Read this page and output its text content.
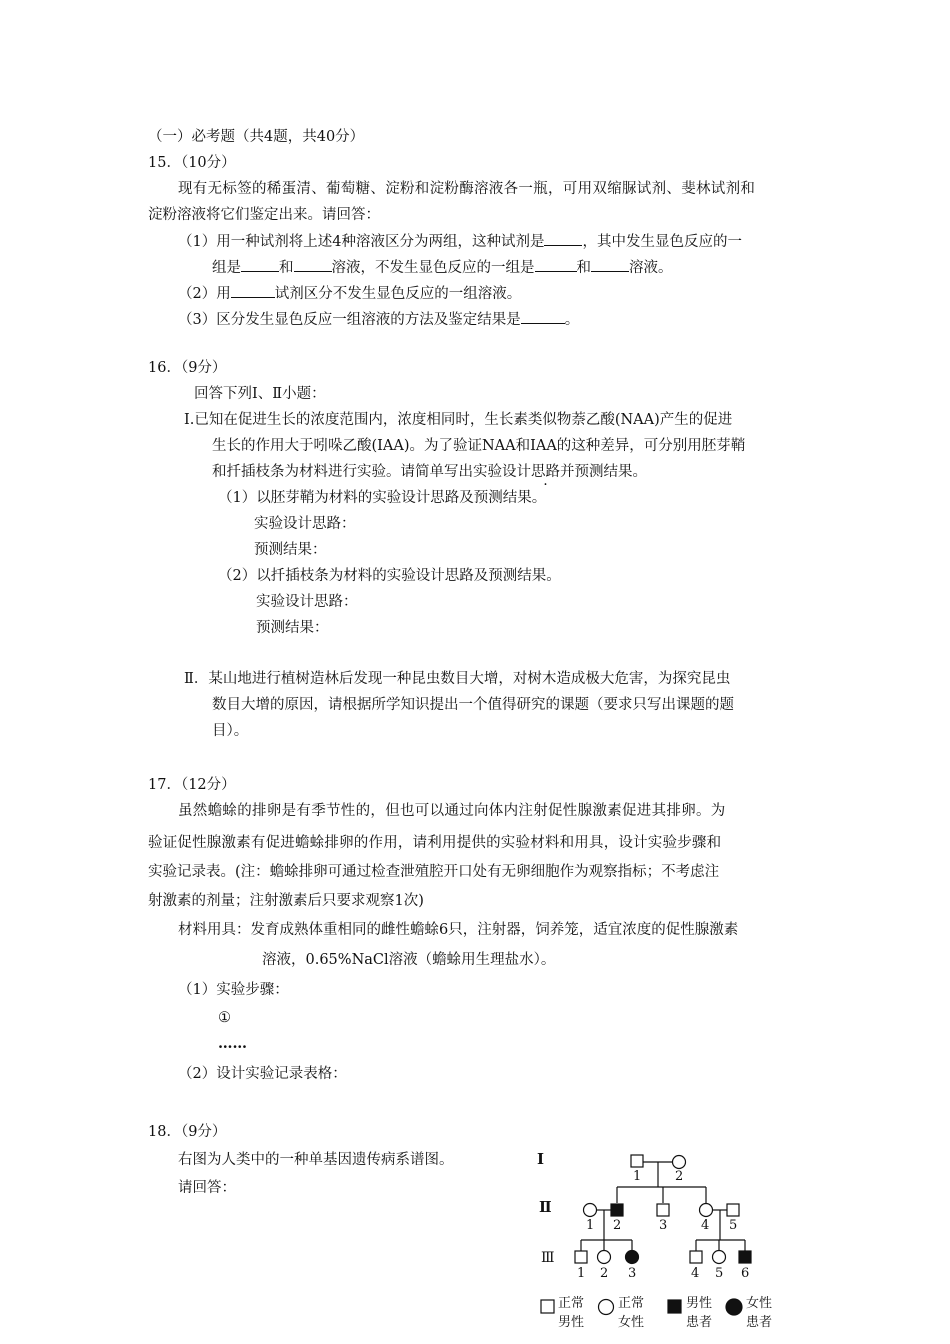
（一）必考题（共4题，共40分）
15．（10分）
现有无标签的稀蛋清、葡萄糖、淀粉和淀粉酶溶液各一瓶，可用双缩脲试剂、斐林试剂和
淀粉溶液将它们鉴定出来。请回答：
（1）用一种试剂将上述4种溶液区分为两组，这种试剂是	，其中发生显色反应的一
组是	和	溶液，不发生显色反应的一组是	和	溶液。
（2）用	试剂区分不发生显色反应的一组溶液。
（3）区分发生显色反应一组溶液的方法及鉴定结果是	。
16．（9分）
回答下列Ⅰ、Ⅱ小题：
Ⅰ.已知在促进生长的浓度范围内，浓度相同时，生长素类似物萘乙酸(NAA)产生的促进
生长的作用大于吲哚乙酸(IAA)。为了验证NAA和IAA的这种差异，可分别用胚芽鞘
和扦插枝条为材料进行实验。请简单写出实验设计思路并预测结果。
（1）以胚芽鞘为材料的实验设计思路及预测结果。
实验设计思路：
预测结果：
（2）以扦插枝条为材料的实验设计思路及预测结果。
实验设计思路：
预测结果：
Ⅱ．某山地进行植树造林后发现一种昆虫数目大增，对树木造成极大危害，为探究昆虫
数目大增的原因，请根据所学知识提出一个值得研究的课题（要求只写出课题的题
目）。
17．（12分）
虽然蟾蜍的排卵是有季节性的，但也可以通过向体内注射促性腺激素促进其排卵。为
验证促性腺激素有促进蟾蜍排卵的作用，请利用提供的实验材料和用具，设计实验步骤和
实验记录表。(注：蟾蜍排卵可通过检查泄殖腔开口处有无卵细胞作为观察指标；不考虑注
射激素的剂量；注射激素后只要求观察1次)
材料用具：发育成熟体重相同的雌性蟾蜍6只，注射器，饲养笼，适宜浓度的促性腺激素
溶液，0.65%NaCl溶液（蟾蜍用生理盐水）。
（1）实验步骤：
①
……
（2）设计实验记录表格：
18．（9分）
右图为人类中的一种单基因遗传病系谱图。
请回答：
Ⅰ
Ⅱ
Ⅲ
1	2
1 2	3	4 5
1 2 3	4 5 6
正常
男性
正常
女性
男性
患者
女性
患者
